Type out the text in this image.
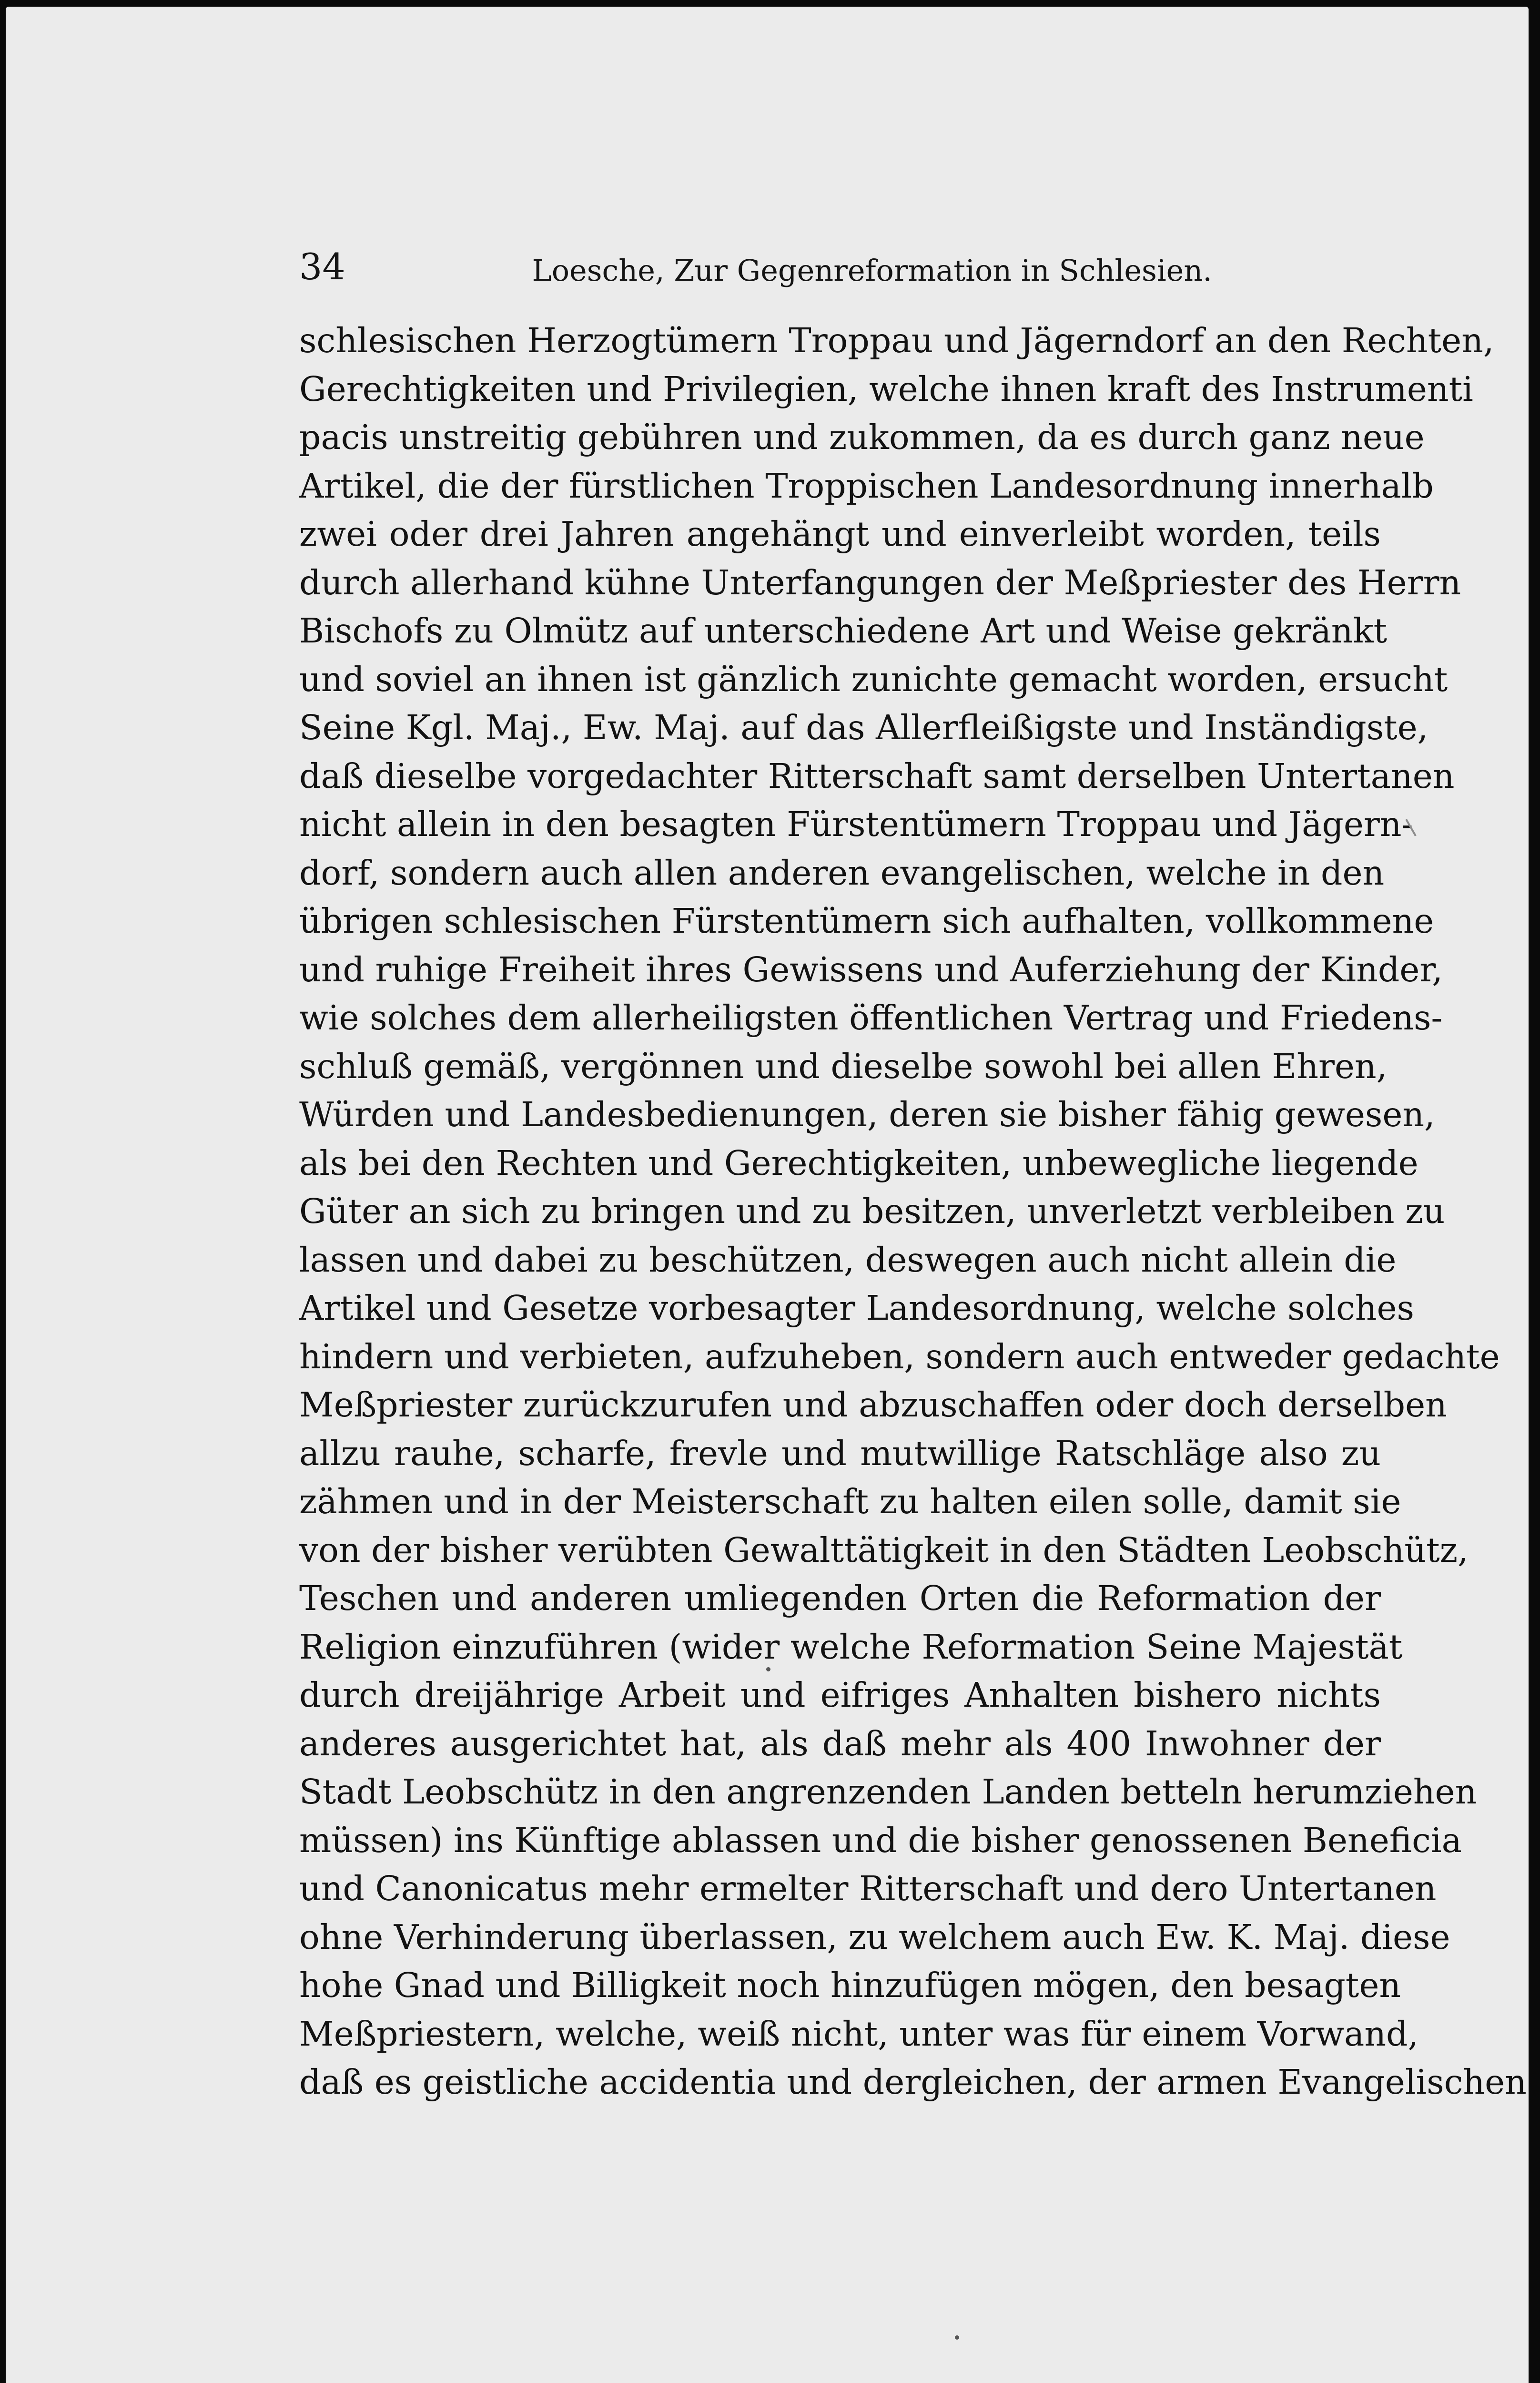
34	Loesche, Zur Gegenreformation in Schlesien.

schlesischen Herzogtümern Troppau und Jägerndorf an den Rechten,
Gerechtigkeiten und Privilegien, welche ihnen kraft des Instrumenti
pacis unstreitig gebühren und zukommen, da es durch ganz neue
Artikel, die der fürstlichen Troppischen Landesordnung innerhalb
zwei oder drei Jahren angehängt und einverleibt worden, teils
durch allerhand kühne Unterfangungen der Meßpriester des Herrn
Bischofs zu Olmütz auf unterschiedene Art und Weise gekränkt
und soviel an ihnen ist gänzlich zunichte gemacht worden, ersucht
Seine Kgl. Maj., Ew. Maj. auf das Allerfleißigste und Inständigste,
daß dieselbe vorgedachter Ritterschaft samt derselben Untertanen
nicht allein in den besagten Fürstentümern Troppau und Jägern-
dorf, sondern auch allen anderen evangelischen, welche in den
übrigen schlesischen Fürstentümern sich aufhalten, vollkommene
und ruhige Freiheit ihres Gewissens und Auferziehung der Kinder,
wie solches dem allerheiligsten öffentlichen Vertrag und Friedens-
schluß gemäß, vergönnen und dieselbe sowohl bei allen Ehren,
Würden und Landesbedienungen, deren sie bisher fähig gewesen,
als bei den Rechten und Gerechtigkeiten, unbewegliche liegende
Güter an sich zu bringen und zu besitzen, unverletzt verbleiben zu
lassen und dabei zu beschützen, deswegen auch nicht allein die
Artikel und Gesetze vorbesagter Landesordnung, welche solches
hindern und verbieten, aufzuheben, sondern auch entweder gedachte
Meßpriester zurückzurufen und abzuschaffen oder doch derselben
allzu rauhe, scharfe, frevle und mutwillige Ratschläge also zu
zähmen und in der Meisterschaft zu halten eilen solle, damit sie
von der bisher verübten Gewalttätigkeit in den Städten Leobschütz,
Teschen und anderen umliegenden Orten die Reformation der
Religion einzuführen (wider welche Reformation Seine Majestät
durch dreijährige Arbeit und eifriges Anhalten bishero nichts
anderes ausgerichtet hat, als daß mehr als 400 Inwohner der
Stadt Leobschütz in den angrenzenden Landen betteln herumziehen
müssen) ins Künftige ablassen und die bisher genossenen Beneficia
und Canonicatus mehr ermelter Ritterschaft und dero Untertanen
ohne Verhinderung überlassen, zu welchem auch Ew. K. Maj. diese
hohe Gnad und Billigkeit noch hinzufügen mögen, den besagten
Meßpriestern, welche, weiß nicht, unter was für einem Vorwand,
daß es geistliche accidentia und dergleichen, der armen Evangelischen
